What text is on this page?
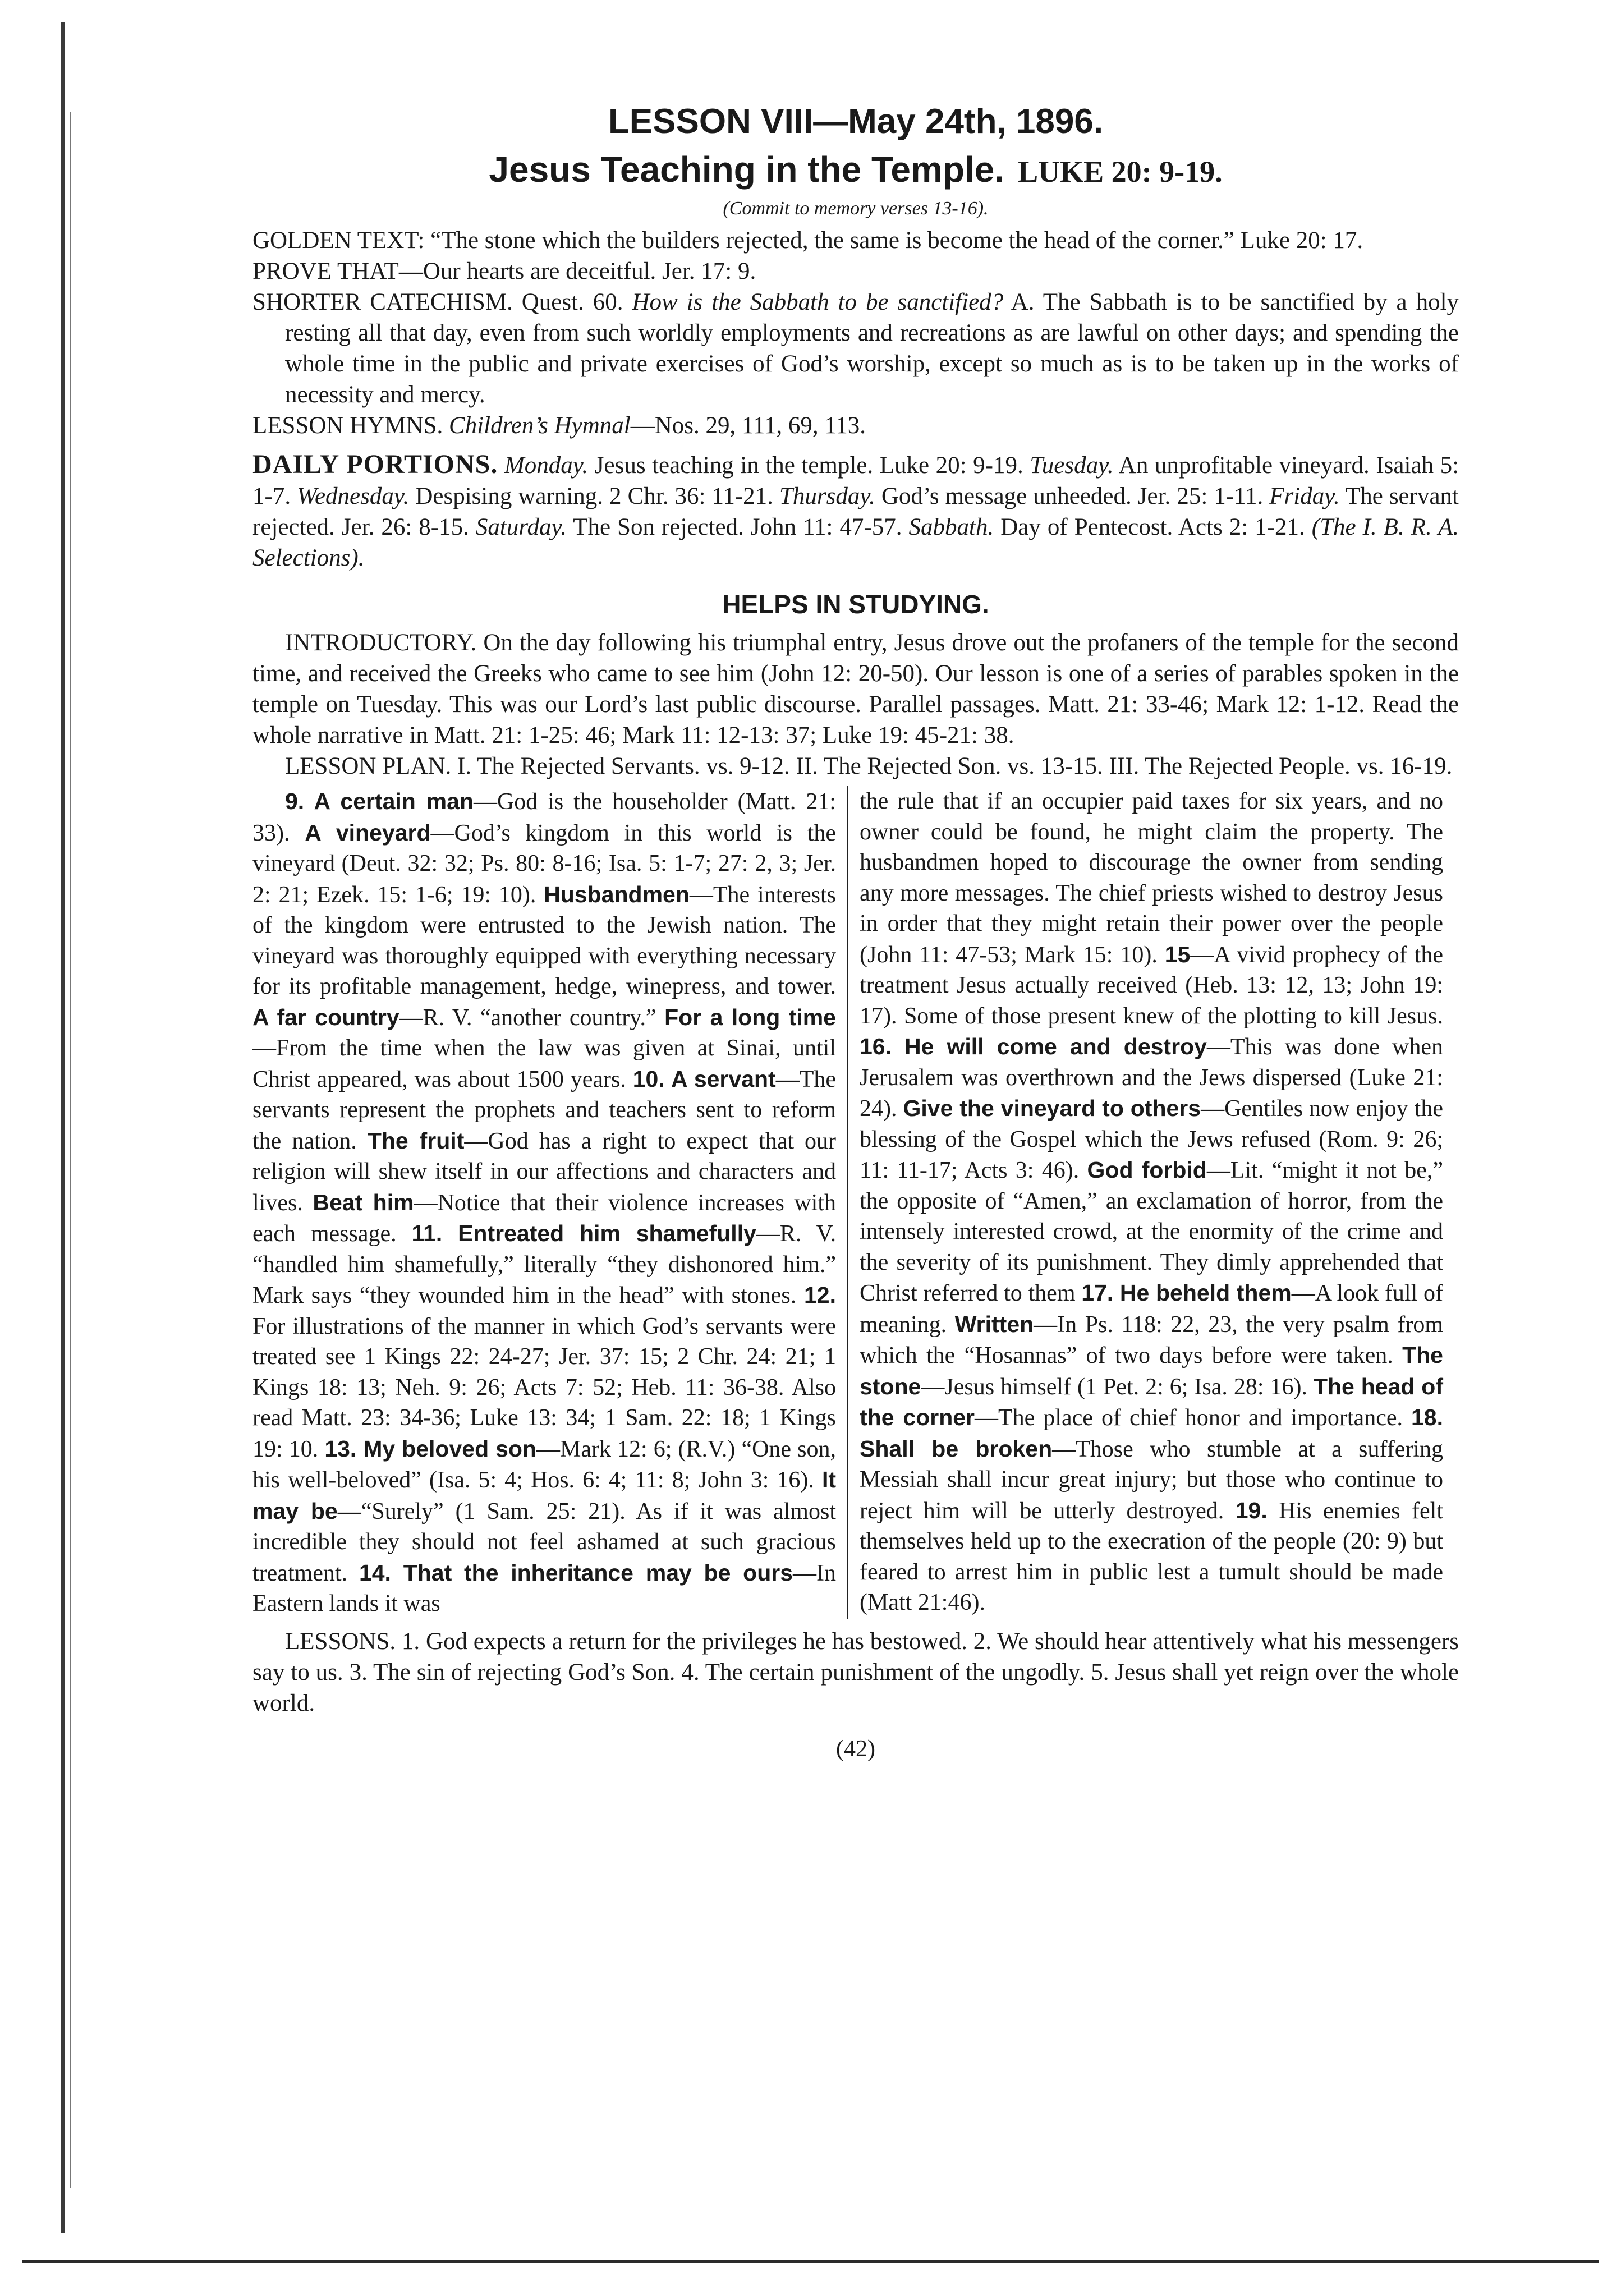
LESSON VIII—May 24th, 1896.
Jesus Teaching in the Temple. LUKE 20: 9-19.

(Commit to memory verses 13-16).

GOLDEN TEXT: “The stone which the builders rejected, the same is become the head of the corner.” Luke 20: 17.

PROVE THAT—Our hearts are deceitful. Jer. 17: 9.

SHORTER CATECHISM. Quest. 60. How is the Sabbath to be sanctified? A. The Sabbath is to be sanctified by a holy resting all that day, even from such worldly employments and recreations as are lawful on other days; and spending the whole time in the public and private exercises of God’s worship, except so much as is to be taken up in the works of necessity and mercy.

LESSON HYMNS. Children’s Hymnal—Nos. 29, 111, 69, 113.

DAILY PORTIONS. Monday. Jesus teaching in the temple. Luke 20: 9-19. Tuesday. An unprofitable vineyard. Isaiah 5: 1-7. Wednesday. Despising warning. 2 Chr. 36: 11-21. Thursday. God’s message unheeded. Jer. 25: 1-11. Friday. The servant rejected. Jer. 26: 8-15. Saturday. The Son rejected. John 11: 47-57. Sabbath. Day of Pentecost. Acts 2: 1-21. (The I. B. R. A. Selections).

HELPS IN STUDYING.

INTRODUCTORY. On the day following his triumphal entry, Jesus drove out the profaners of the temple for the second time, and received the Greeks who came to see him (John 12: 20-50). Our lesson is one of a series of parables spoken in the temple on Tuesday. This was our Lord’s last public discourse. Parallel passages. Matt. 21: 33-46; Mark 12: 1-12. Read the whole narrative in Matt. 21: 1-25: 46; Mark 11: 12-13: 37; Luke 19: 45-21: 38.

LESSON PLAN. I. The Rejected Servants. vs. 9-12. II. The Rejected Son. vs. 13-15. III. The Rejected People. vs. 16-19.

9. A certain man—God is the householder (Matt. 21: 33). A vineyard—God’s kingdom in this world is the vineyard (Deut. 32: 32; Ps. 80: 8-16; Isa. 5: 1-7; 27: 2, 3; Jer. 2: 21; Ezek. 15: 1-6; 19: 10). Husbandmen—The interests of the kingdom were entrusted to the Jewish nation. The vineyard was thoroughly equipped with everything necessary for its profitable management, hedge, winepress, and tower. A far country—R. V. “another country.” For a long time—From the time when the law was given at Sinai, until Christ appeared, was about 1500 years. 10. A servant—The servants represent the prophets and teachers sent to reform the nation. The fruit—God has a right to expect that our religion will shew itself in our affections and characters and lives. Beat him—Notice that their violence increases with each message. 11. Entreated him shamefully—R. V. “handled him shamefully,” literally “they dishonored him.” Mark says “they wounded him in the head” with stones. 12. For illustrations of the manner in which God’s servants were treated see 1 Kings 22: 24-27; Jer. 37: 15; 2 Chr. 24: 21; 1 Kings 18: 13; Neh. 9: 26; Acts 7: 52; Heb. 11: 36-38. Also read Matt. 23: 34-36; Luke 13: 34; 1 Sam. 22: 18; 1 Kings 19: 10. 13. My beloved son—Mark 12: 6; (R.V.) “One son, his well-beloved” (Isa. 5: 4; Hos. 6: 4; 11: 8; John 3: 16). It may be—“Surely” (1 Sam. 25: 21). As if it was almost incredible they should not feel ashamed at such gracious treatment. 14. That the inheritance may be ours—In Eastern lands it was
the rule that if an occupier paid taxes for six years, and no owner could be found, he might claim the property. The husbandmen hoped to discourage the owner from sending any more messages. The chief priests wished to destroy Jesus in order that they might retain their power over the people (John 11: 47-53; Mark 15: 10). 15—A vivid prophecy of the treatment Jesus actually received (Heb. 13: 12, 13; John 19: 17). Some of those present knew of the plotting to kill Jesus. 16. He will come and destroy—This was done when Jerusalem was overthrown and the Jews dispersed (Luke 21: 24). Give the vineyard to others—Gentiles now enjoy the blessing of the Gospel which the Jews refused (Rom. 9: 26; 11: 11-17; Acts 3: 46). God forbid—Lit. “might it not be,” the opposite of “Amen,” an exclamation of horror, from the intensely interested crowd, at the enormity of the crime and the severity of its punishment. They dimly apprehended that Christ referred to them 17. He beheld them—A look full of meaning. Written—In Ps. 118: 22, 23, the very psalm from which the “Hosannas” of two days before were taken. The stone—Jesus himself (1 Pet. 2: 6; Isa. 28: 16). The head of the corner—The place of chief honor and importance. 18. Shall be broken—Those who stumble at a suffering Messiah shall incur great injury; but those who continue to reject him will be utterly destroyed. 19. His enemies felt themselves held up to the execration of the people (20: 9) but feared to arrest him in public lest a tumult should be made (Matt 21:46).

LESSONS. 1. God expects a return for the privileges he has bestowed. 2. We should hear attentively what his messengers say to us. 3. The sin of rejecting God’s Son. 4. The certain punishment of the ungodly. 5. Jesus shall yet reign over the whole world.

(42)
